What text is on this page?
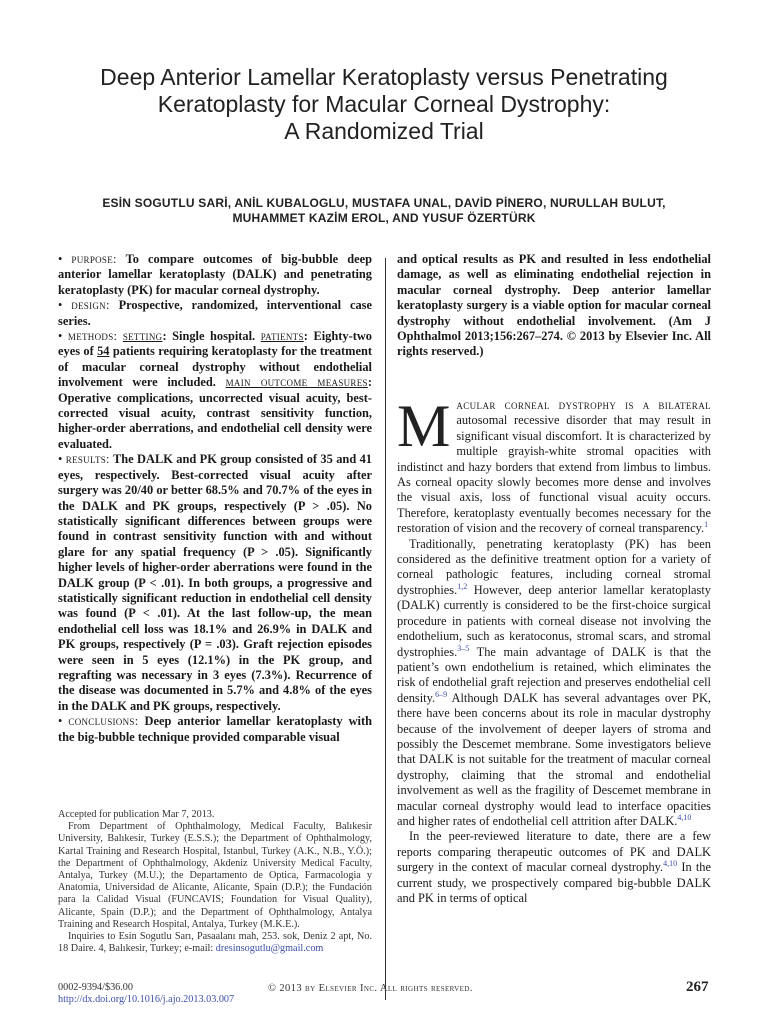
Deep Anterior Lamellar Keratoplasty versus Penetrating
Keratoplasty for Macular Corneal Dystrophy:
A Randomized Trial
ESİN SOGUTLU SARİ, ANİL KUBALOGLU, MUSTAFA UNAL, DAVİD PİNERO, NURULLAH BULUT,
MUHAMMET KAZİM EROL, AND YUSUF ÖZERTÜRK

• purpose: To compare outcomes of big-bubble deep anterior lamellar keratoplasty (DALK) and penetrating keratoplasty (PK) for macular corneal dystrophy.

• design: Prospective, randomized, interventional case series.

• methods: setting: Single hospital. patients: Eighty-two eyes of 54 patients requiring keratoplasty for the treatment of macular corneal dystrophy without endothelial involvement were included. main outcome measures: Operative complications, uncorrected visual acuity, best-corrected visual acuity, contrast sensitivity function, higher-order aberrations, and endothelial cell density were evaluated.

• results: The DALK and PK group consisted of 35 and 41 eyes, respectively. Best-corrected visual acuity after surgery was 20/40 or better 68.5% and 70.7% of the eyes in the DALK and PK groups, respectively (P > .05). No statistically significant differences between groups were found in contrast sensitivity function with and without glare for any spatial frequency (P > .05). Significantly higher levels of higher-order aberrations were found in the DALK group (P < .01). In both groups, a progressive and statistically significant reduction in endothelial cell density was found (P < .01). At the last follow-up, the mean endothelial cell loss was 18.1% and 26.9% in DALK and PK groups, respectively (P = .03). Graft rejection episodes were seen in 5 eyes (12.1%) in the PK group, and regrafting was necessary in 3 eyes (7.3%). Recurrence of the disease was documented in 5.7% and 4.8% of the eyes in the DALK and PK groups, respectively.

• conclusions: Deep anterior lamellar keratoplasty with the big-bubble technique provided comparable visual

and optical results as PK and resulted in less endothelial damage, as well as eliminating endothelial rejection in macular corneal dystrophy. Deep anterior lamellar keratoplasty surgery is a viable option for macular corneal dystrophy without endothelial involvement. (Am J Ophthalmol 2013;156:267–274. © 2013 by Elsevier Inc. All rights reserved.)

Macular corneal dystrophy is a bilateral autosomal recessive disorder that may result in significant visual discomfort. It is characterized by multiple grayish-white stromal opacities with indistinct and hazy borders that extend from limbus to limbus. As corneal opacity slowly becomes more dense and involves the visual axis, loss of functional visual acuity occurs. Therefore, keratoplasty eventually becomes necessary for the restoration of vision and the recovery of corneal transparency.$^1$

Traditionally, penetrating keratoplasty (PK) has been considered as the definitive treatment option for a variety of corneal pathologic features, including corneal stromal dystrophies.$^{1,2}$ However, deep anterior lamellar keratoplasty (DALK) currently is considered to be the first-choice surgical procedure in patients with corneal disease not involving the endothelium, such as keratoconus, stromal scars, and stromal dystrophies.$^{3-5}$ The main advantage of DALK is that the patient’s own endothelium is retained, which eliminates the risk of endothelial graft rejection and preserves endothelial cell density.$^{6-9}$ Although DALK has several advantages over PK, there have been concerns about its role in macular dystrophy because of the involvement of deeper layers of stroma and possibly the Descemet membrane. Some investigators believe that DALK is not suitable for the treatment of macular corneal dystrophy, claiming that the stromal and endothelial involvement as well as the fragility of Descemet membrane in macular corneal dystrophy would lead to interface opacities and higher rates of endothelial cell attrition after DALK.$^{4,10}$

In the peer-reviewed literature to date, there are a few reports comparing therapeutic outcomes of PK and DALK surgery in the context of macular corneal dystrophy.$^{4,10}$ In the current study, we prospectively compared big-bubble DALK and PK in terms of optical

Accepted for publication Mar 7, 2013.

From Department of Ophthalmology, Medical Faculty, Balıkesir University, Balıkesir, Turkey (E.S.S.); the Department of Ophthalmology, Kartal Training and Research Hospital, Istanbul, Turkey (A.K., N.B., Y.Ö.); the Department of Ophthalmology, Akdeniz University Medical Faculty, Antalya, Turkey (M.U.); the Departamento de Optica, Farmacologia y Anatomia, Universidad de Alicante, Alicante, Spain (D.P.); the Fundación para la Calidad Visual (FUNCAVIS; Foundation for Visual Quality), Alicante, Spain (D.P.); and the Department of Ophthalmology, Antalya Training and Research Hospital, Antalya, Turkey (M.K.E.).

Inquiries to Esin Sogutlu Sarı, Pasaalanı mah, 253. sok, Deniz 2 apt, No. 18 Daire. 4, Balıkesir, Turkey; e-mail: dresinsogutlu@gmail.com

0002-9394/$36.00
http://dx.doi.org/10.1016/j.ajo.2013.03.007
© 2013 by Elsevier Inc. All rights reserved.	267
